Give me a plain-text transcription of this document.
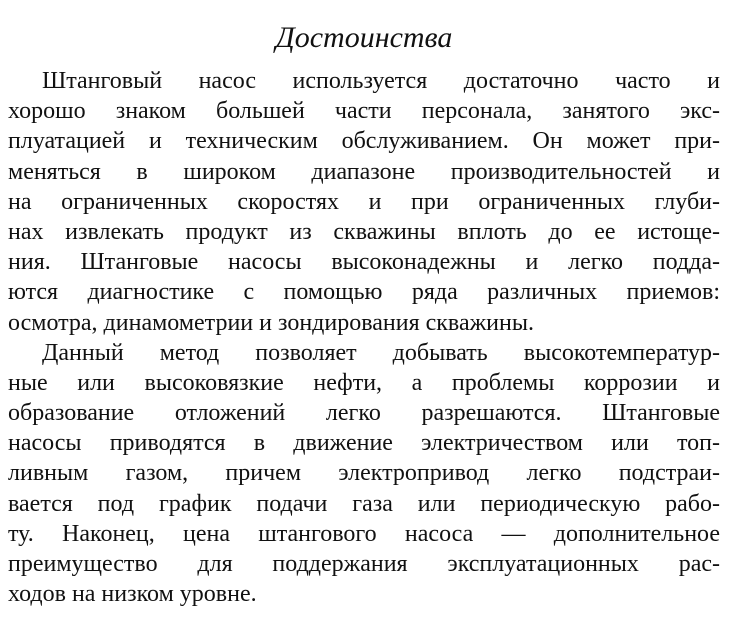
Достоинства

Штанговый насос используется достаточно часто и
хорошо знаком большей части персонала, занятого экс-
плуатацией и техническим обслуживанием. Он может при-
меняться в широком диапазоне производительностей и
на ограниченных скоростях и при ограниченных глуби-
нах извлекать продукт из скважины вплоть до ее истоще-
ния. Штанговые насосы высоконадежны и легко подда-
ются диагностике с помощью ряда различных приемов:
осмотра, динамометрии и зондирования скважины.

Данный метод позволяет добывать высокотемператур-
ные или высоковязкие нефти, а проблемы коррозии и
образование отложений легко разрешаются. Штанговые
насосы приводятся в движение электричеством или топ-
ливным газом, причем электропривод легко подстраи-
вается под график подачи газа или периодическую рабо-
ту. Наконец, цена штангового насоса — дополнительное
преимущество для поддержания эксплуатационных рас-
ходов на низком уровне.
